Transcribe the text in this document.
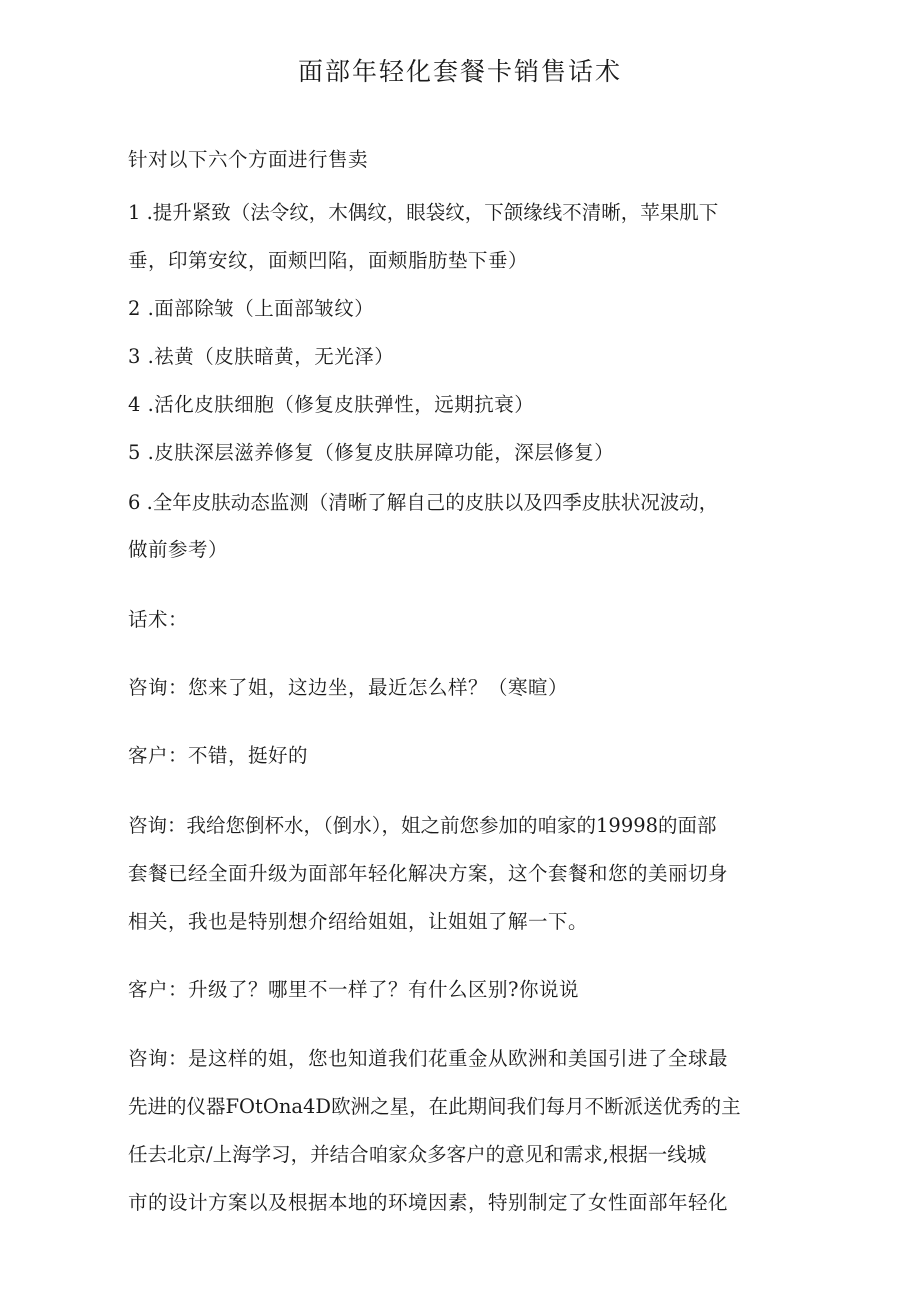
面部年轻化套餐卡销售话术
针对以下六个方面进行售卖
1 .提升紧致（法令纹，木偶纹，眼袋纹，下颌缘线不清晰，苹果肌下
垂，印第安纹，面颊凹陷，面颊脂肪垫下垂）
2 .面部除皱（上面部皱纹）
3 .祛黄（皮肤暗黄，无光泽）
4 .活化皮肤细胞（修复皮肤弹性，远期抗衰）
5 .皮肤深层滋养修复（修复皮肤屏障功能，深层修复）
6 .全年皮肤动态监测（清晰了解自己的皮肤以及四季皮肤状况波动，
做前参考）
话术：
咨询：您来了姐，这边坐，最近怎么样？（寒暄）
客户：不错，挺好的
咨询：我给您倒杯水，（倒水），姐之前您参加的咱家的19998的面部
套餐已经全面升级为面部年轻化解决方案，这个套餐和您的美丽切身
相关，我也是特别想介绍给姐姐，让姐姐了解一下。
客户：升级了？哪里不一样了？有什么区别?你说说
咨询：是这样的姐，您也知道我们花重金从欧洲和美国引进了全球最
先进的仪器FOtOna4D欧洲之星，在此期间我们每月不断派送优秀的主
任去北京/上海学习，并结合咱家众多客户的意见和需求,根据一线城
市的设计方案以及根据本地的环境因素，特别制定了女性面部年轻化
